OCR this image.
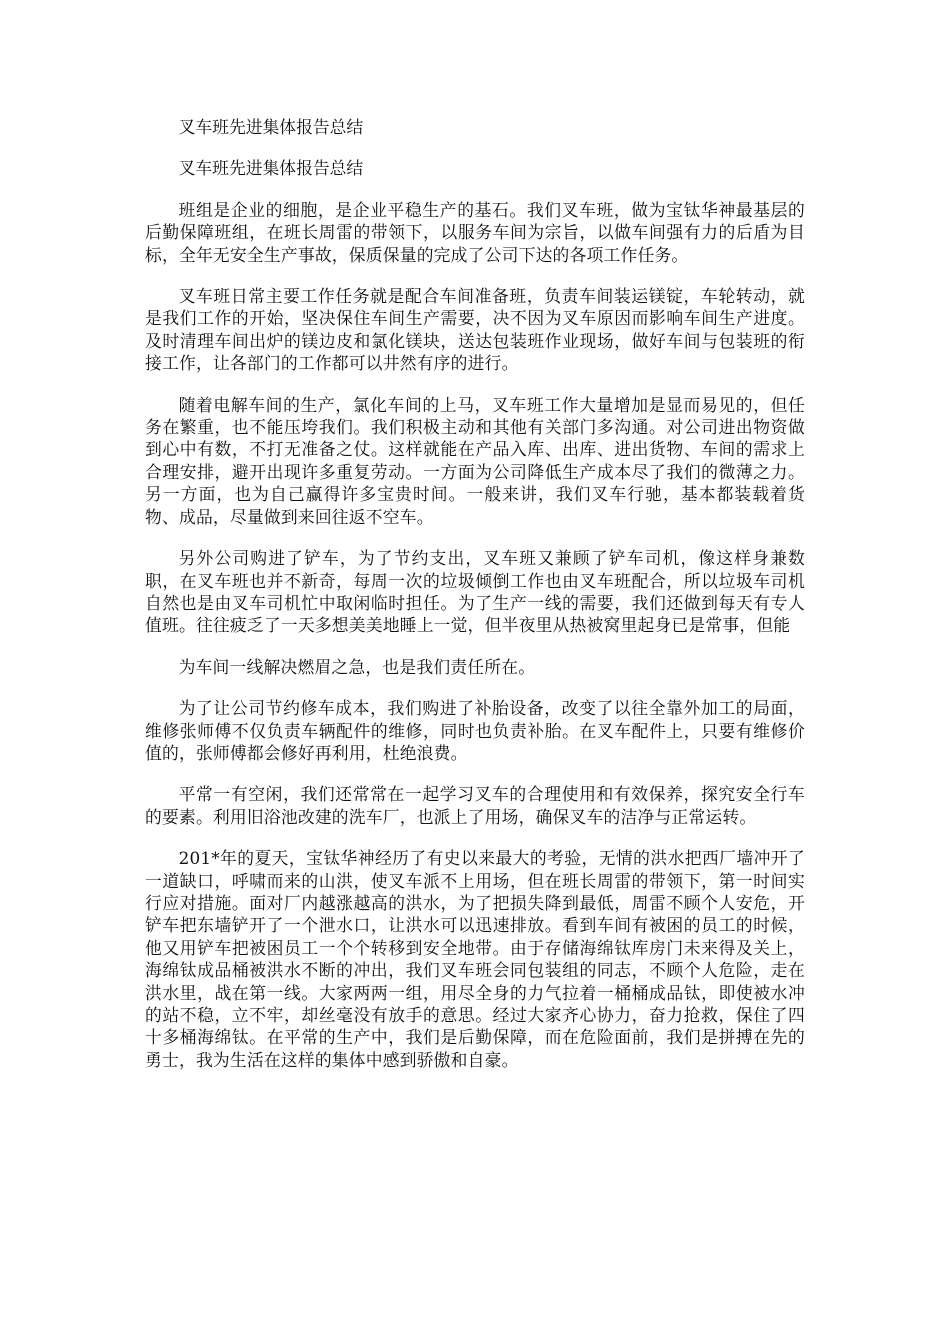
叉车班先进集体报告总结

叉车班先进集体报告总结

班组是企业的细胞，是企业平稳生产的基石。我们叉车班，做为宝钛华神最基层的后勤保障班组，在班长周雷的带领下，以服务车间为宗旨，以做车间强有力的后盾为目标，全年无安全生产事故，保质保量的完成了公司下达的各项工作任务。

叉车班日常主要工作任务就是配合车间准备班，负责车间装运镁锭，车轮转动，就是我们工作的开始，坚决保住车间生产需要，决不因为叉车原因而影响车间生产进度。及时清理车间出炉的镁边皮和氯化镁块，送达包装班作业现场，做好车间与包装班的衔接工作，让各部门的工作都可以井然有序的进行。

随着电解车间的生产，氯化车间的上马，叉车班工作大量增加是显而易见的，但任务在繁重，也不能压垮我们。我们积极主动和其他有关部门多沟通。对公司进出物资做到心中有数，不打无准备之仗。这样就能在产品入库、出库、进出货物、车间的需求上合理安排，避开出现许多重复劳动。一方面为公司降低生产成本尽了我们的微薄之力。另一方面，也为自己赢得许多宝贵时间。一般来讲，我们叉车行驰，基本都装载着货物、成品，尽量做到来回往返不空车。

另外公司购进了铲车，为了节约支出，叉车班又兼顾了铲车司机，像这样身兼数职，在叉车班也并不新奇，每周一次的垃圾倾倒工作也由叉车班配合，所以垃圾车司机自然也是由叉车司机忙中取闲临时担任。为了生产一线的需要，我们还做到每天有专人值班。往往疲乏了一天多想美美地睡上一觉，但半夜里从热被窝里起身已是常事，但能

为车间一线解决燃眉之急，也是我们责任所在。

为了让公司节约修车成本，我们购进了补胎设备，改变了以往全靠外加工的局面，维修张师傅不仅负责车辆配件的维修，同时也负责补胎。在叉车配件上，只要有维修价值的，张师傅都会修好再利用，杜绝浪费。

平常一有空闲，我们还常常在一起学习叉车的合理使用和有效保养，探究安全行车的要素。利用旧浴池改建的洗车厂，也派上了用场，确保叉车的洁净与正常运转。

201*年的夏天，宝钛华神经历了有史以来最大的考验，无情的洪水把西厂墙冲开了一道缺口，呼啸而来的山洪，使叉车派不上用场，但在班长周雷的带领下，第一时间实行应对措施。面对厂内越涨越高的洪水，为了把损失降到最低，周雷不顾个人安危，开铲车把东墙铲开了一个泄水口，让洪水可以迅速排放。看到车间有被困的员工的时候，他又用铲车把被困员工一个个转移到安全地带。由于存储海绵钛库房门未来得及关上，海绵钛成品桶被洪水不断的冲出，我们叉车班会同包装组的同志，不顾个人危险，走在洪水里，战在第一线。大家两两一组，用尽全身的力气拉着一桶桶成品钛，即使被水冲的站不稳，立不牢，却丝毫没有放手的意思。经过大家齐心协力，奋力抢救，保住了四十多桶海绵钛。在平常的生产中，我们是后勤保障，而在危险面前，我们是拼搏在先的勇士，我为生活在这样的集体中感到骄傲和自豪。
